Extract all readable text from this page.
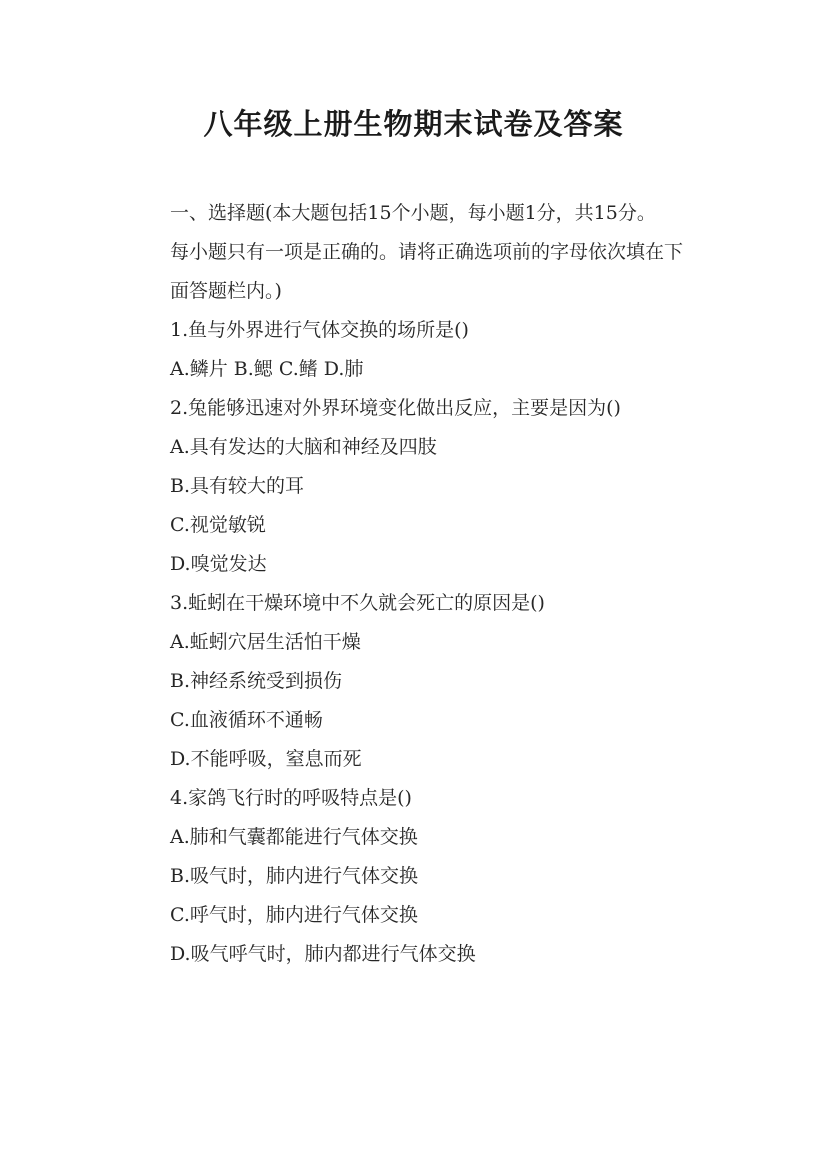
八年级上册生物期末试卷及答案

一、选择题(本大题包括15个小题，每小题1分，共15分。

每小题只有一项是正确的。请将正确选项前的字母依次填在下

面答题栏内。)

1.鱼与外界进行气体交换的场所是()

A.鳞片 B.鳃 C.鳍 D.肺

2.兔能够迅速对外界环境变化做出反应，主要是因为()

A.具有发达的大脑和神经及四肢

B.具有较大的耳

C.视觉敏锐

D.嗅觉发达

3.蚯蚓在干燥环境中不久就会死亡的原因是()

A.蚯蚓穴居生活怕干燥

B.神经系统受到损伤

C.血液循环不通畅

D.不能呼吸，窒息而死

4.家鸽飞行时的呼吸特点是()

A.肺和气囊都能进行气体交换

B.吸气时，肺内进行气体交换

C.呼气时，肺内进行气体交换

D.吸气呼气时，肺内都进行气体交换
